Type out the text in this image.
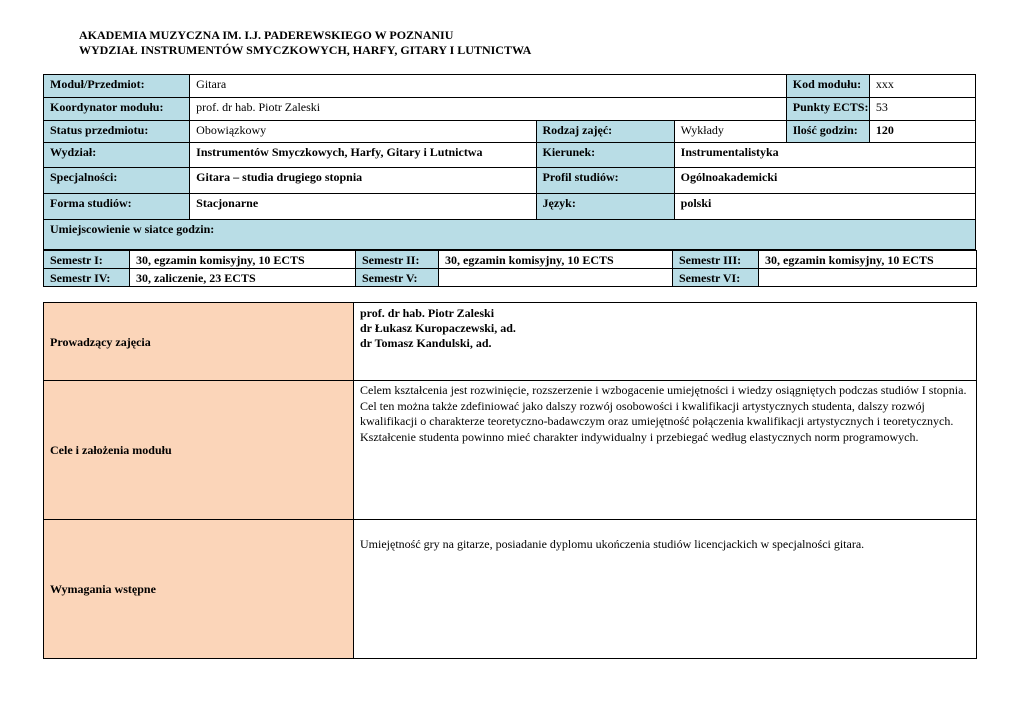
AKADEMIA MUZYCZNA IM. I.J. PADEREWSKIEGO W POZNANIU
WYDZIAŁ INSTRUMENTÓW SMYCZKOWYCH, HARFY, GITARY I LUTNICTWA
Moduł/Przedmiot:	Gitara			Kod modułu:	xxx
Koordynator modułu:	prof. dr hab. Piotr Zaleski			Punkty ECTS:	53
Status przedmiotu:	Obowiązkowy	Rodzaj zajęć:	Wykłady	Ilość godzin:	120
Wydział:	Instrumentów Smyczkowych, Harfy, Gitary i Lutnictwa	Kierunek:	Instrumentalistyka		
Specjalności:	Gitara – studia drugiego stopnia	Profil studiów:	Ogólnoakademicki		
Forma studiów:	Stacjonarne	Język:	polski		
Umiejscowienie w siatce godzin:					
Semestr I:	30, egzamin komisyjny, 10 ECTS	Semestr II:	30, egzamin komisyjny, 10 ECTS	Semestr III:	30, egzamin komisyjny, 10 ECTS
Semestr IV:	30, zaliczenie, 23 ECTS	Semestr V:		Semestr VI:	
Prowadzący zajęcia	prof. dr hab. Piotr Zaleski
dr Łukasz Kuropaczewski, ad.
dr Tomasz Kandulski, ad.

Cele i założenia modułu	Celem kształcenia jest rozwinięcie, rozszerzenie i wzbogacenie umiejętności i wiedzy osiągniętych podczas studiów I stopnia. Cel ten można także zdefiniować jako dalszy rozwój osobowości i kwalifikacji artystycznych studenta, dalszy rozwój kwalifikacji o charakterze teoretyczno-badawczym oraz umiejętność połączenia kwalifikacji artystycznych i teoretycznych. Kształcenie studenta powinno mieć charakter indywidualny i przebiegać według elastycznych norm programowych.
Wymagania wstępne	Umiejętność gry na gitarze, posiadanie dyplomu ukończenia studiów licencjackich w specjalności gitara.
